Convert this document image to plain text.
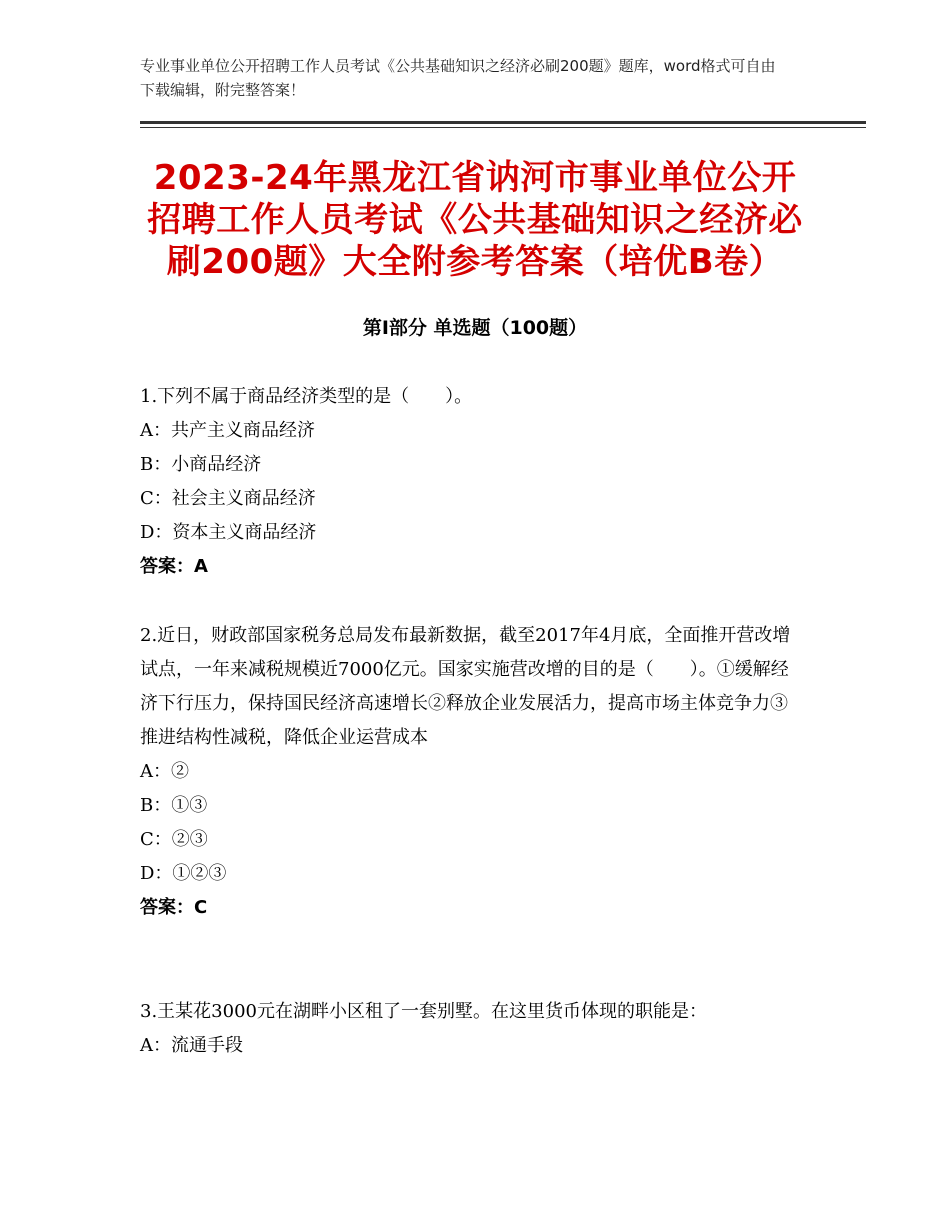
专业事业单位公开招聘工作人员考试《公共基础知识之经济必刷200题》题库，word格式可自由下载编辑，附完整答案！
2023-24年黑龙江省讷河市事业单位公开招聘工作人员考试《公共基础知识之经济必刷200题》大全附参考答案（培优B卷）
第Ⅰ部分 单选题（100题）

1.下列不属于商品经济类型的是（　　）。

A：共产主义商品经济

B：小商品经济

C：社会主义商品经济

D：资本主义商品经济

答案：A

2.近日，财政部国家税务总局发布最新数据，截至2017年4月底，全面推开营改增试点，一年来减税规模近7000亿元。国家实施营改增的目的是（　　）。①缓解经济下行压力，保持国民经济高速增长②释放企业发展活力，提高市场主体竞争力③推进结构性减税，降低企业运营成本

A：②

B：①③

C：②③

D：①②③

答案：C

3.王某花3000元在湖畔小区租了一套别墅。在这里货币体现的职能是：

A：流通手段
